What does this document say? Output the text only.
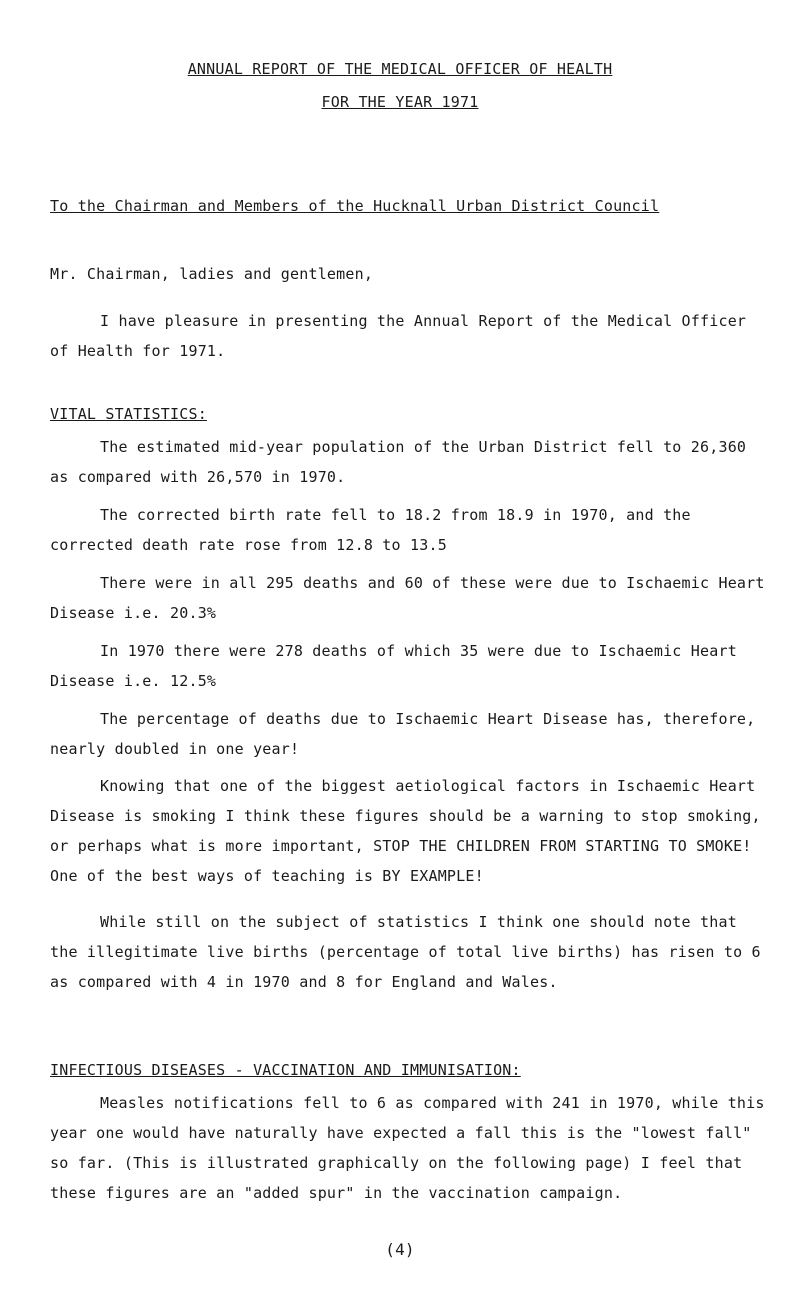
ANNUAL REPORT OF THE MEDICAL OFFICER OF HEALTH
FOR THE YEAR 1971
To the Chairman and Members of the Hucknall Urban District Council
Mr. Chairman, ladies and gentlemen,
I have pleasure in presenting the Annual Report of the Medical Officer of Health for 1971.
VITAL STATISTICS:
The estimated mid-year population of the Urban District fell to 26,360 as compared with 26,570 in 1970.
The corrected birth rate fell to 18.2 from 18.9 in 1970, and the corrected death rate rose from 12.8 to 13.5
There were in all 295 deaths and 60 of these were due to Ischaemic Heart Disease i.e. 20.3%
In 1970 there were 278 deaths of which 35 were due to Ischaemic Heart Disease i.e. 12.5%
The percentage of deaths due to Ischaemic Heart Disease has, therefore, nearly doubled in one year!
Knowing that one of the biggest aetiological factors in Ischaemic Heart Disease is smoking I think these figures should be a warning to stop smoking, or perhaps what is more important, STOP THE CHILDREN FROM STARTING TO SMOKE! One of the best ways of teaching is BY EXAMPLE!
While still on the subject of statistics I think one should note that the illegitimate live births (percentage of total live births) has risen to 6 as compared with 4 in 1970 and 8 for England and Wales.
INFECTIOUS DISEASES - VACCINATION AND IMMUNISATION:
Measles notifications fell to 6 as compared with 241 in 1970, while this year one would have naturally have expected a fall this is the "lowest fall" so far. (This is illustrated graphically on the following page) I feel that these figures are an "added spur" in the vaccination campaign.
(4)
